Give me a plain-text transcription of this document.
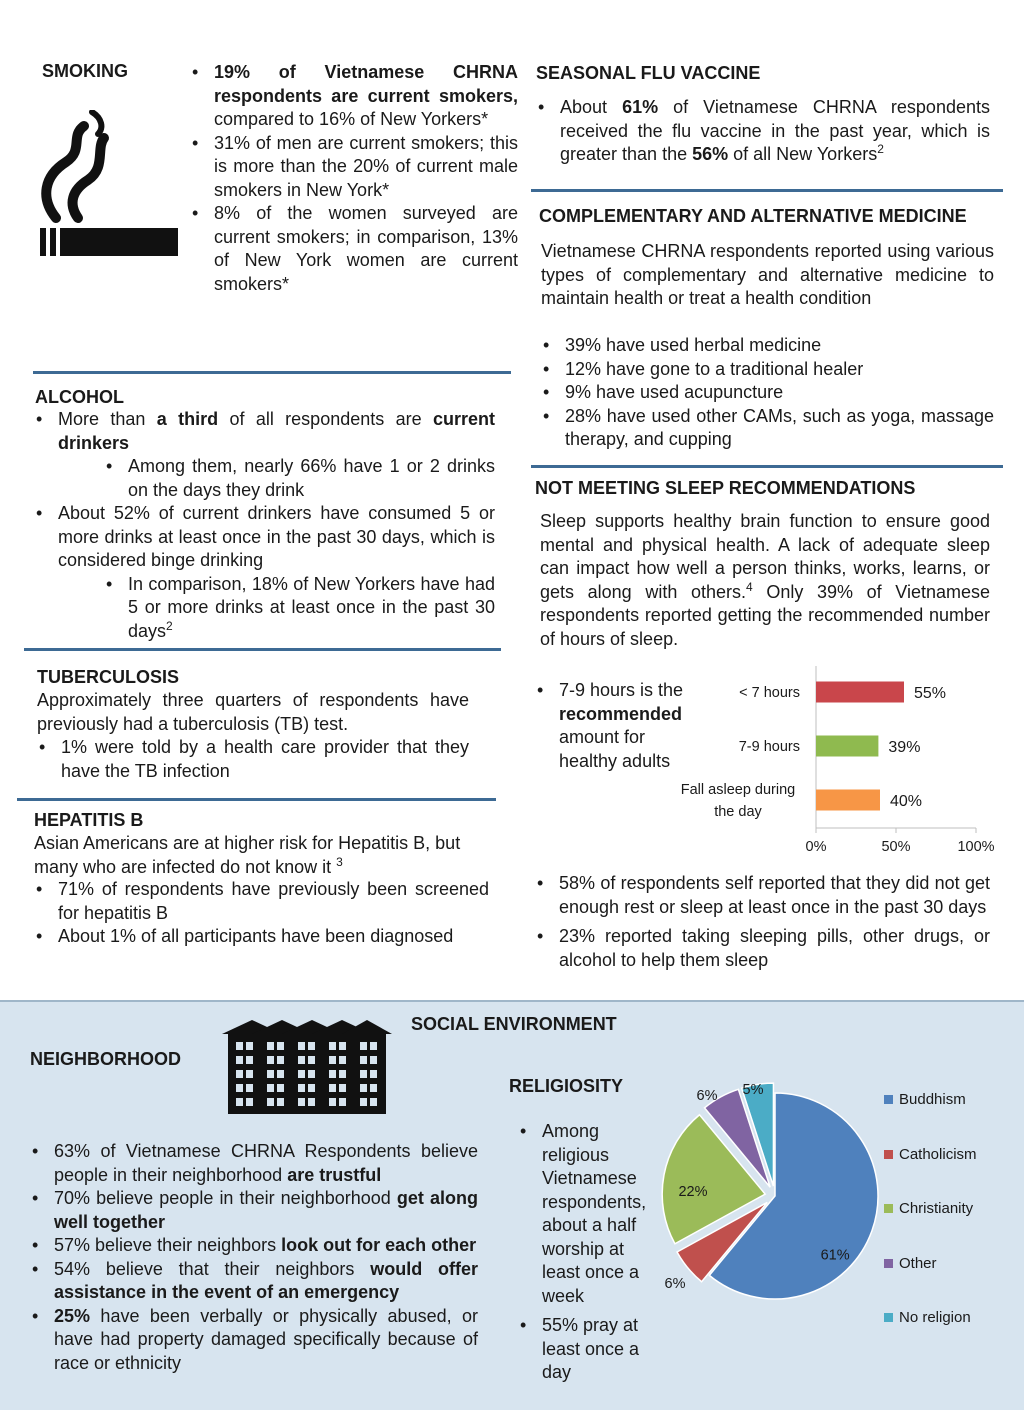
SMOKING
•	19% of Vietnamese CHRNA respondents are current smokers, compared to 16% of New Yorkers*
• 31% of men are current smokers; this is more than the 20% of current male smokers in New York*
• 8% of the women surveyed are current smokers; in comparison, 13% of New York women are current smokers*
SEASONAL FLU VACCINE
• About 61% of Vietnamese CHRNA respondents received the flu vaccine in the past year, which is greater than the 56% of all New Yorkers$^2$
COMPLEMENTARY AND ALTERNATIVE MEDICINE
Vietnamese CHRNA respondents reported using various types of complementary and alternative medicine to maintain health or treat a health condition
• 39% have used herbal medicine
• 12% have gone to a traditional healer
• 9% have used acupuncture
• 28% have used other CAMs, such as yoga, massage therapy, and cupping
ALCOHOL
• More than a third of all respondents are current drinkers
• Among them, nearly 66% have 1 or 2 drinks on the days they drink
• About 52% of current drinkers have consumed 5 or more drinks at least once in the past 30 days, which is considered binge drinking
• In comparison, 18% of New Yorkers have had 5 or more drinks at least once in the past 30 days$^2$
NOT MEETING SLEEP RECOMMENDATIONS
Sleep supports healthy brain function to ensure good mental and physical health. A lack of adequate sleep can impact how well a person thinks, works, learns, or gets along with others.$^4$ Only 39% of Vietnamese respondents reported getting the recommended number of hours of sleep.
• 7-9 hours is the recommended amount for healthy adults
55%
< 7 hours
39%
7-9 hours
40%
Fall asleep during
the day
0%	50%	100%
• 58% of respondents self reported that they did not get enough rest or sleep at least once in the past 30 days
• 23% reported taking sleeping pills, other drugs, or alcohol to help them sleep
TUBERCULOSIS
Approximately three quarters of respondents have previously had a tuberculosis (TB) test.
• 1% were told by a health care provider that they have the TB infection
HEPATITIS B
Asian Americans are at higher risk for Hepatitis B, but many who are infected do not know it $^3$
• 71% of respondents have previously been screened for hepatitis B
• About 1% of all participants have been diagnosed
SOCIAL ENVIRONMENT
NEIGHBORHOOD
• 63% of Vietnamese CHRNA Respondents believe people in their neighborhood are trustful
• 70% believe people in their neighborhood get along well together
• 57% believe their neighbors look out for each other
• 54% believe that their neighbors would offer assistance in the event of an emergency
• 25% have been verbally or physically abused, or have had property damaged specifically because of race or ethnicity
RELIGIOSITY
• Among religious Vietnamese respondents, about a half worship at least once a week
• 55% pray at least once a day
61%
6%
22%
6% 5%
Buddhism
Catholicism
Christianity
Other
No religion
